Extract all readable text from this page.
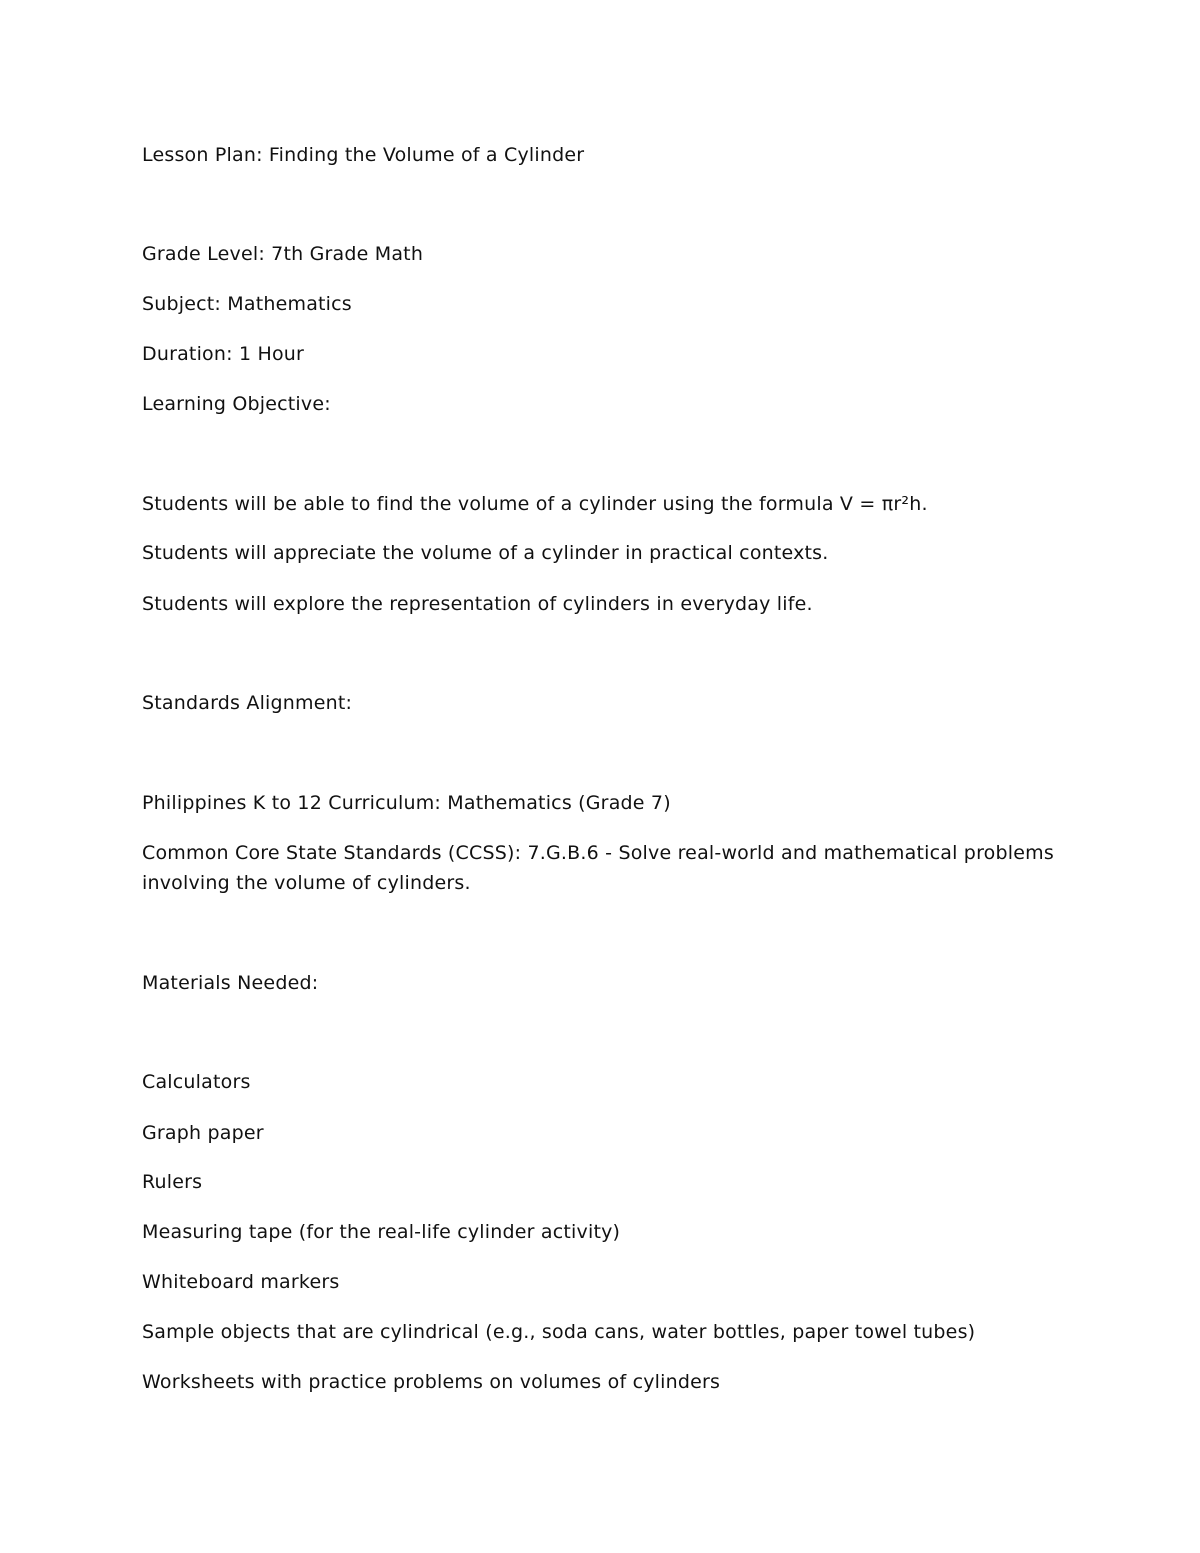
Lesson Plan: Finding the Volume of a Cylinder
Grade Level: 7th Grade Math
Subject: Mathematics
Duration: 1 Hour
Learning Objective:
Students will be able to find the volume of a cylinder using the formula V = πr²h.
Students will appreciate the volume of a cylinder in practical contexts.
Students will explore the representation of cylinders in everyday life.
Standards Alignment:
Philippines K to 12 Curriculum: Mathematics (Grade 7)
Common Core State Standards (CCSS): 7.G.B.6 - Solve real-world and mathematical problems involving the volume of cylinders.
Materials Needed:
Calculators
Graph paper
Rulers
Measuring tape (for the real-life cylinder activity)
Whiteboard markers
Sample objects that are cylindrical (e.g., soda cans, water bottles, paper towel tubes)
Worksheets with practice problems on volumes of cylinders
